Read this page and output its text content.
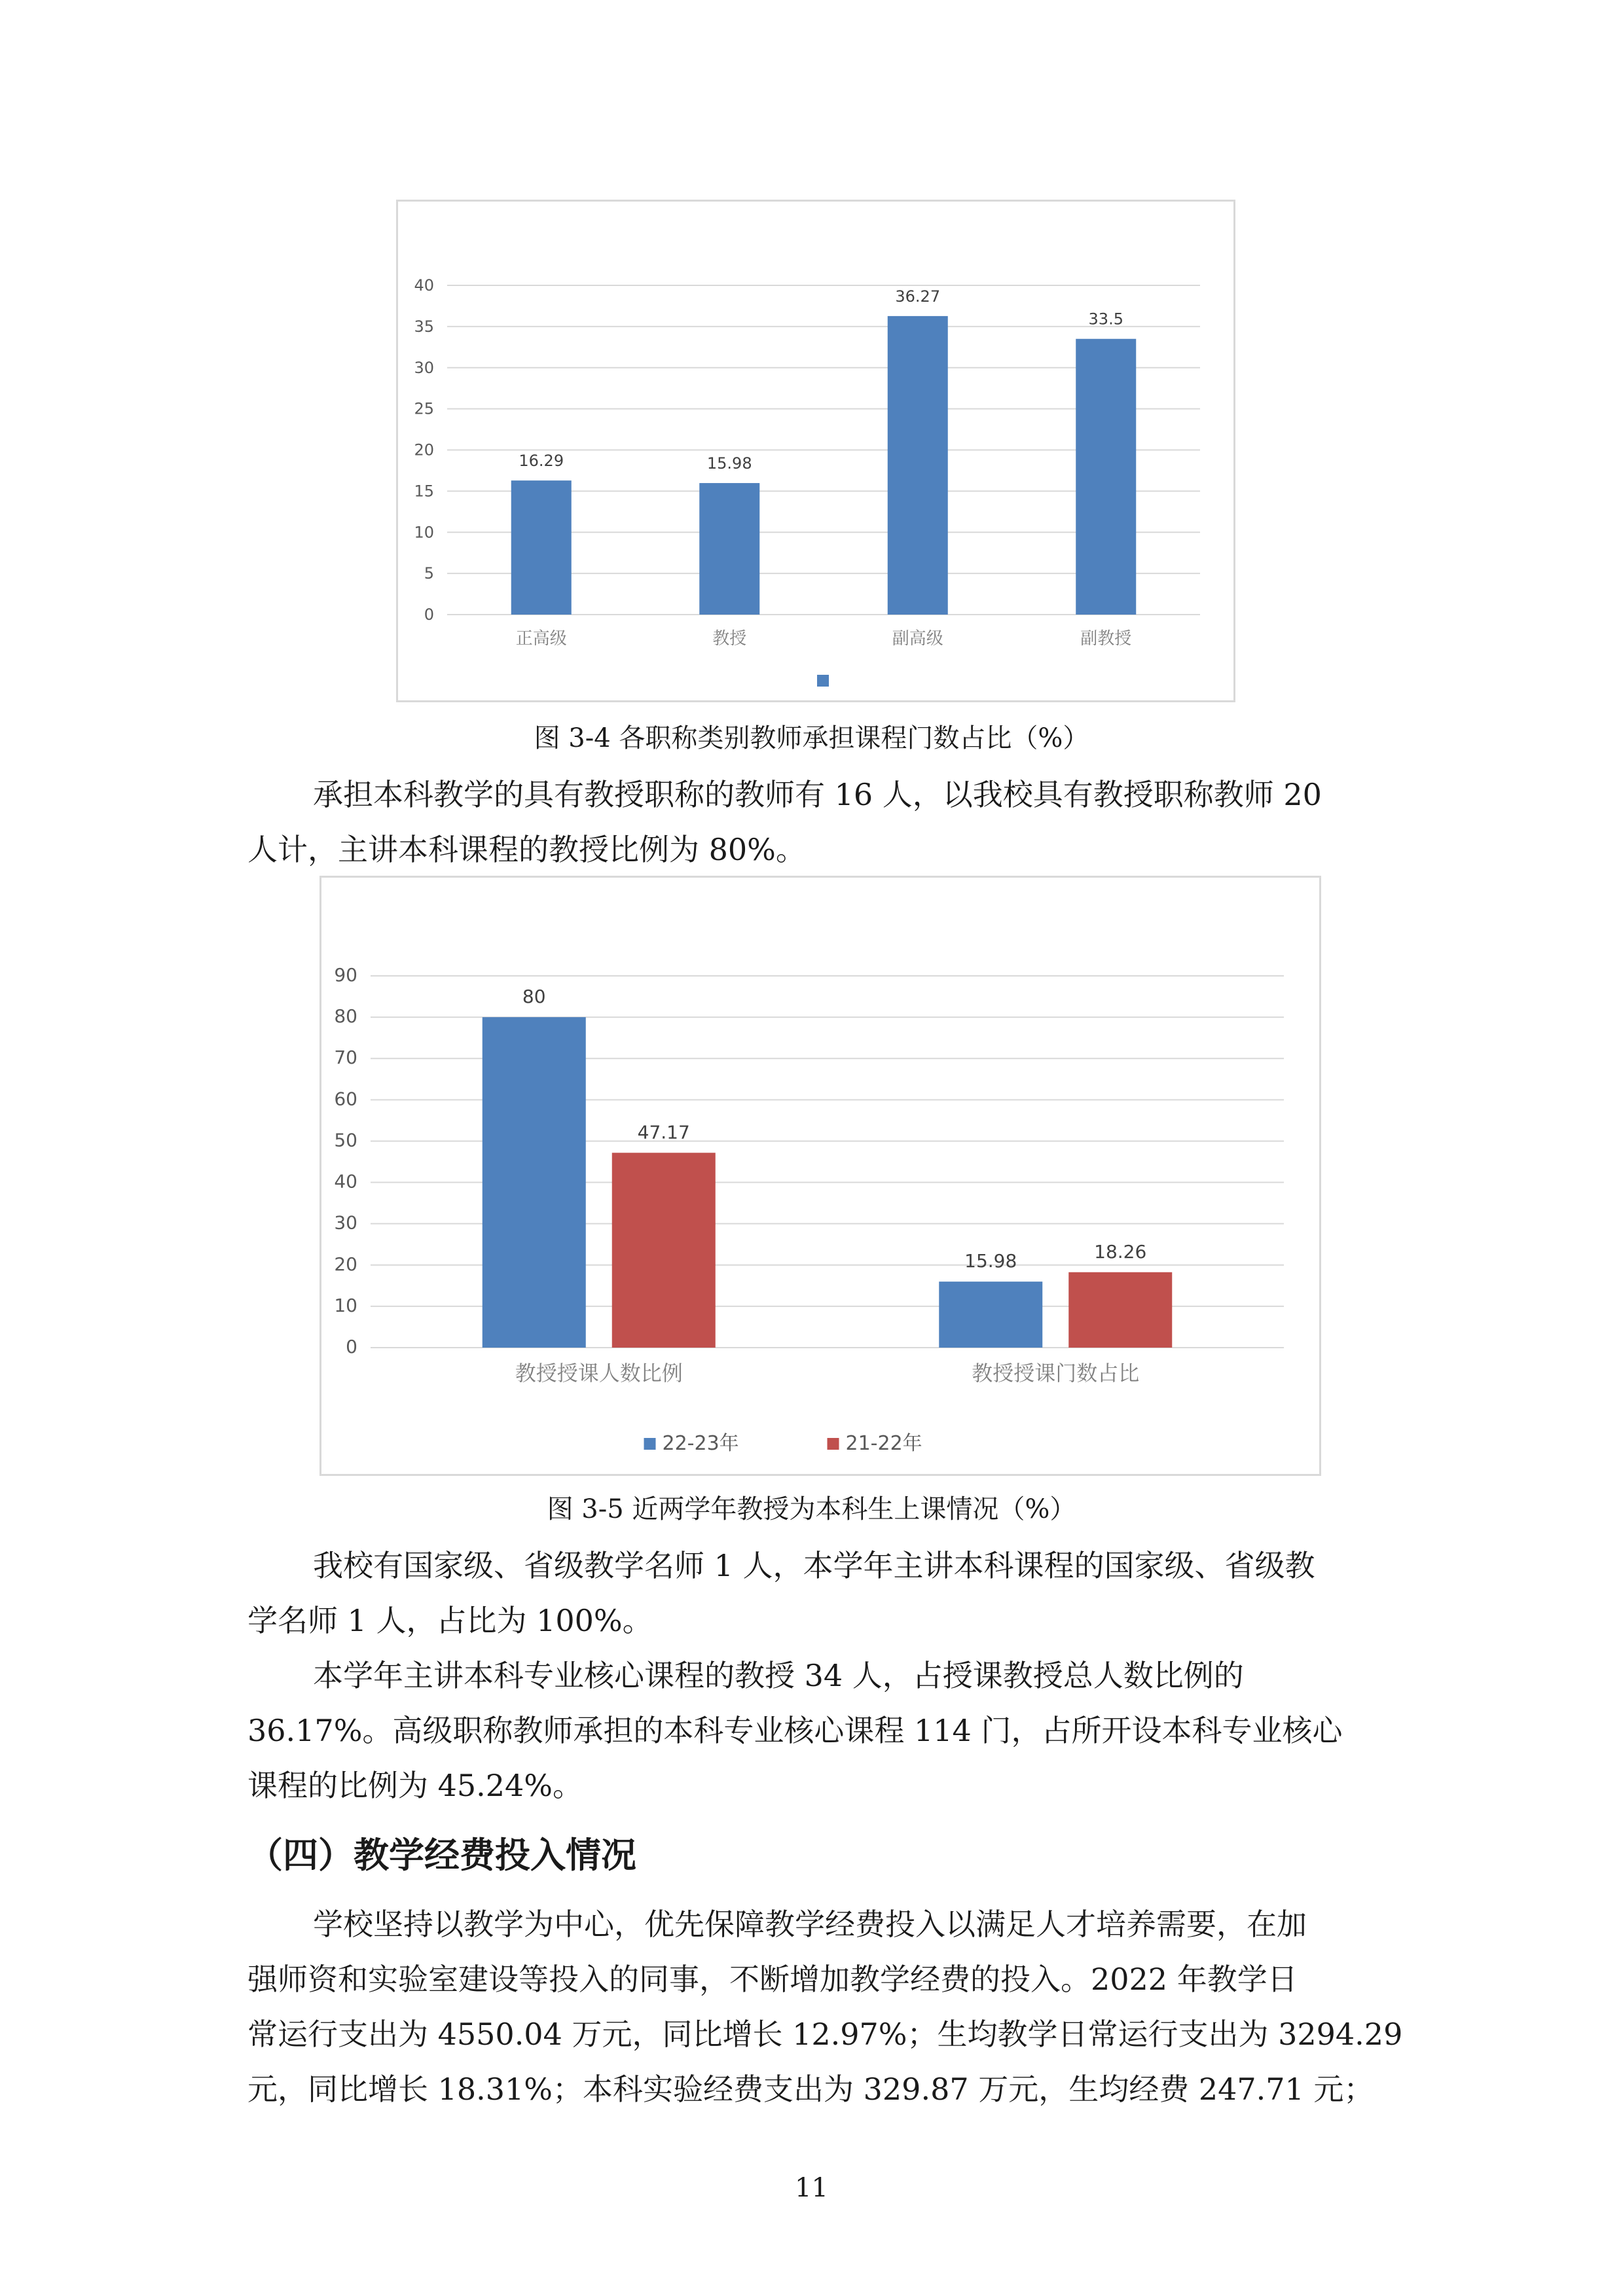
0
5
10
15
20
25
30
35
40
16.29
正高级
15.98
教授
36.27
副高级
33.5
副教授
图 3-4 各职称类别教师承担课程门数占比（%）
承担本科教学的具有教授职称的教师有 16 人，以我校具有教授职称教师 20
人计，主讲本科课程的教授比例为 80%。
0
10
20
30
40
50
60
70
80
90
80
47.17
教授授课人数比例
15.98	18.26
教授授课门数占比
22-23年	21-22年
图 3-5 近两学年教授为本科生上课情况（%）
我校有国家级、省级教学名师 1 人，本学年主讲本科课程的国家级、省级教
学名师 1 人，占比为 100%。
本学年主讲本科专业核心课程的教授 34 人，占授课教授总人数比例的
36.17%。高级职称教师承担的本科专业核心课程 114 门，占所开设本科专业核心
课程的比例为 45.24%。
（四）教学经费投入情况
学校坚持以教学为中心，优先保障教学经费投入以满足人才培养需要，在加
强师资和实验室建设等投入的同事，不断增加教学经费的投入。2022 年教学日
常运行支出为 4550.04 万元，同比增长 12.97%；生均教学日常运行支出为 3294.29
元，同比增长 18.31%；本科实验经费支出为 329.87 万元，生均经费 247.71 元；
11
